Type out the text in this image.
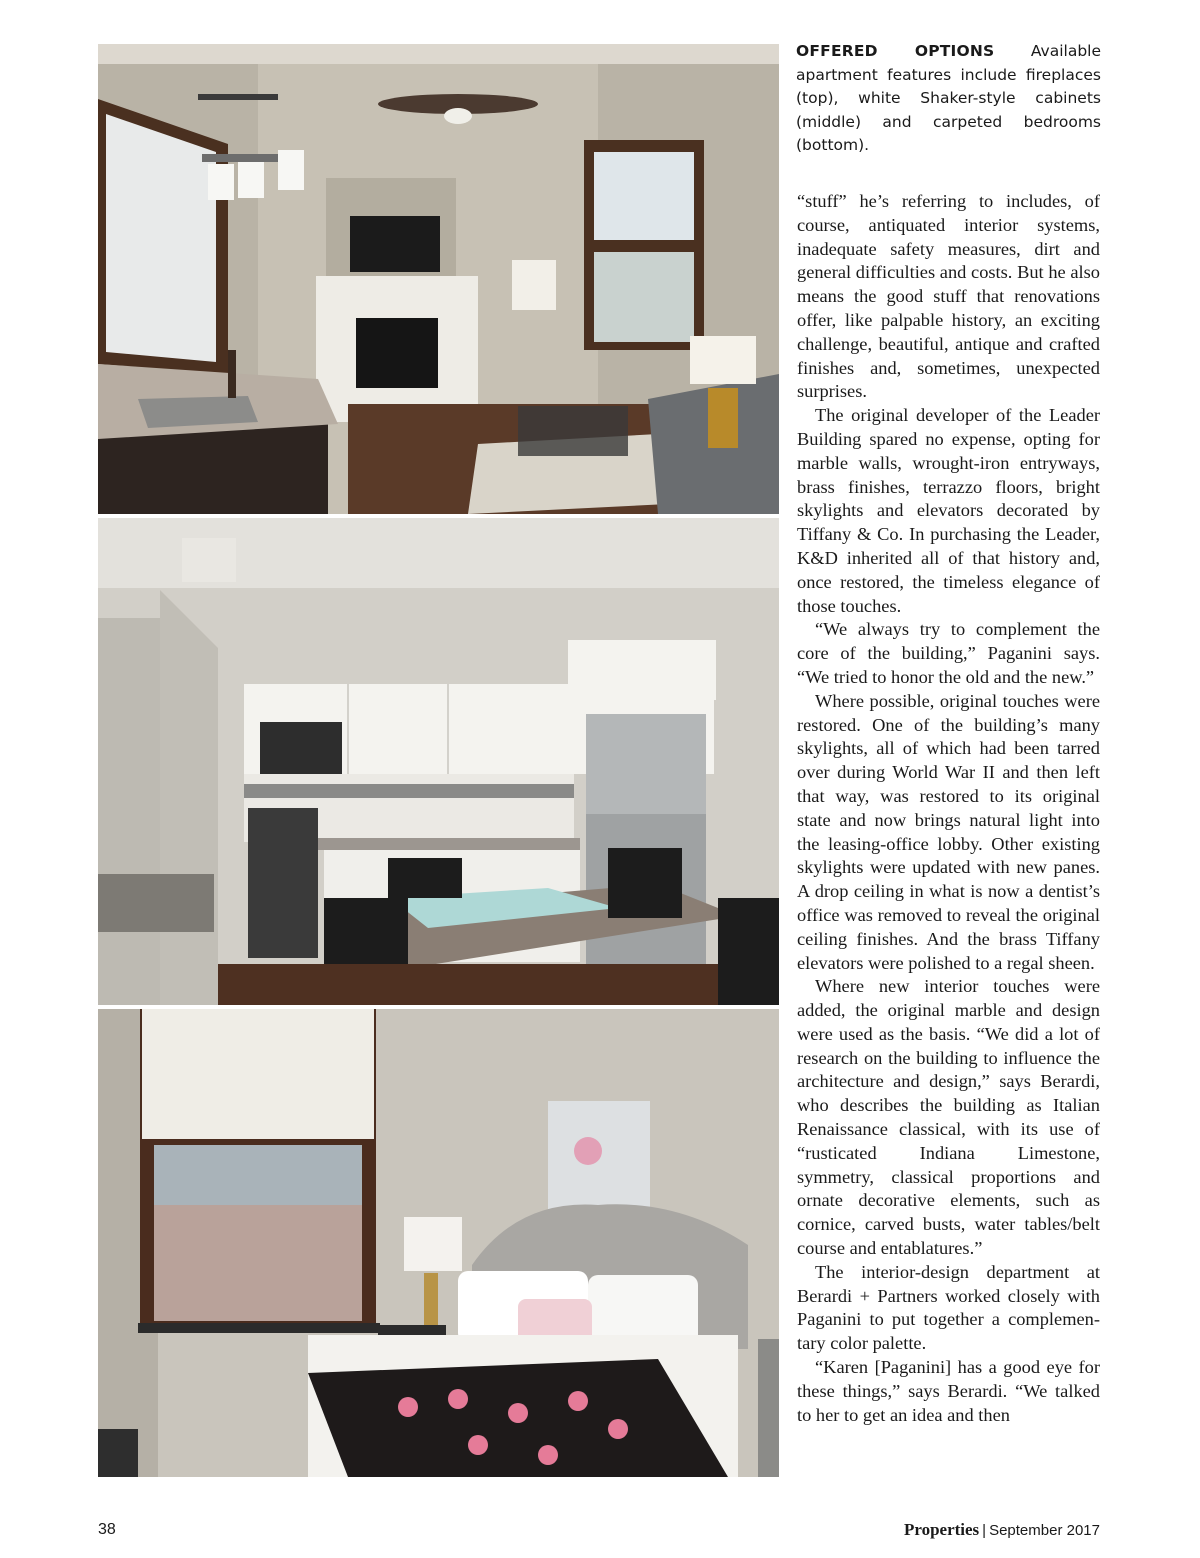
OFFERED OPTIONS Available apartment features include fireplaces (top), white Shaker-style cabinets (middle) and carpeted bedrooms (bottom).

“stuff” he’s referring to includes, of course, antiquated interior systems, inadequate safety measures, dirt and general difficulties and costs. But he also means the good stuff that renovations offer, like palpable history, an exciting challenge, beautiful, antique and crafted finishes and, sometimes, unexpected surprises.

The original developer of the Leader Building spared no expense, opting for marble walls, wrought-iron entryways, brass finishes, terrazzo floors, bright skylights and elevators decorated by Tiffany & Co. In purchasing the Leader, K&D inherited all of that history and, once restored, the timeless elegance of those touches.

“We always try to complement the core of the building,” Paganini says. “We tried to honor the old and the new.”

Where possible, original touches were restored. One of the building’s many skylights, all of which had been tarred over during World War II and then left that way, was restored to its original state and now brings natural light into the leasing-office lobby. Other existing skylights were updated with new panes. A drop ceiling in what is now a dentist’s office was removed to reveal the original ceiling finishes. And the brass Tiffany elevators were polished to a regal sheen.

Where new interior touches were added, the original marble and design were used as the basis. “We did a lot of research on the building to influence the architecture and design,” says Berardi, who describes the building as Italian Renaissance classical, with its use of “rusticated Indiana Limestone, symmetry, classical proportions and ornate decorative elements, such as cornice, carved busts, water tables/belt course and entablatures.”

The interior-design department at Berardi + Partners worked closely with Paganini to put together a complementary color palette.

“Karen [Paganini] has a good eye for these things,” says Berardi. “We talked to her to get an idea and then

38	Properties | September 2017
